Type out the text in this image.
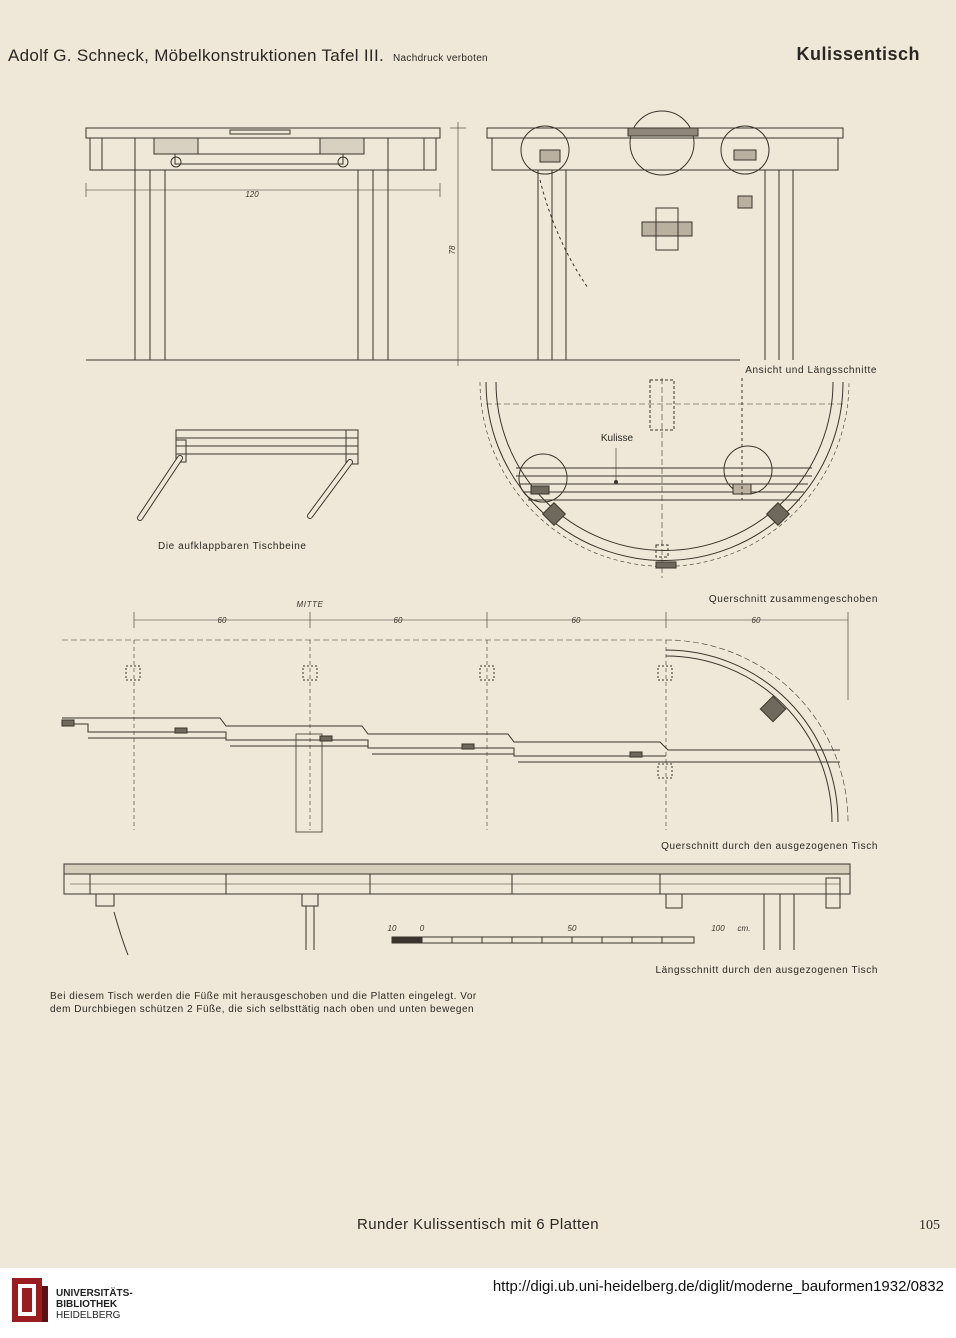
Adolf G. Schneck, Möbelkonstruktionen Tafel III. Nachdruck verboten	Kulissentisch
120
78
Ansicht und Längsschnitte
Kulisse
60	60	60	60
MITTE
10	0	50	100 cm.
Die aufklappbaren Tischbeine
Querschnitt zusammengeschoben
Querschnitt durch den ausgezogenen Tisch
Längsschnitt durch den ausgezogenen Tisch
Bei diesem Tisch werden die Füße mit herausgeschoben und die Platten eingelegt. Vor dem Durchbiegen schützen 2 Füße, die sich selbsttätig nach oben und unten bewegen
Runder Kulissentisch mit 6 Platten	105
UNIVERSITÄTS-
BIBLIOTHEK
HEIDELBERG
http://digi.ub.uni-heidelberg.de/diglit/moderne_bauformen1932/0832
